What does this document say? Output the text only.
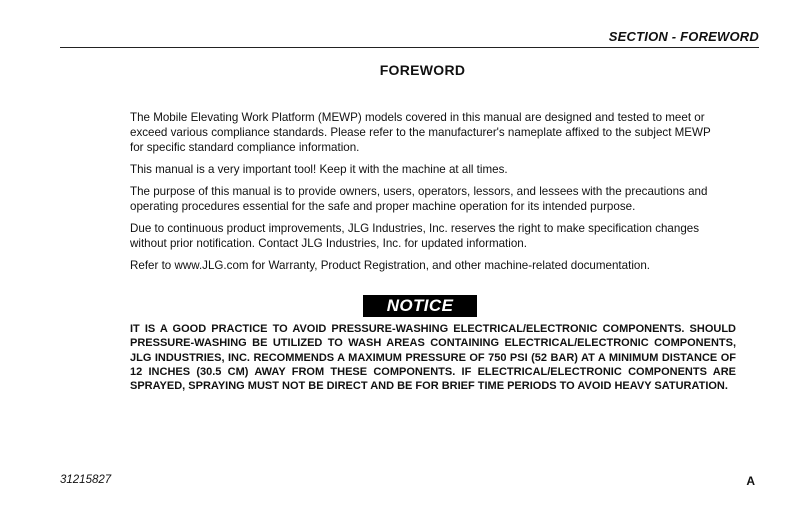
SECTION - FOREWORD
FOREWORD

The Mobile Elevating Work Platform (MEWP) models covered in this manual are designed and tested to meet or exceed various compliance standards. Please refer to the manufacturer's nameplate affixed to the subject MEWP for specific standard compliance information.

This manual is a very important tool! Keep it with the machine at all times.

The purpose of this manual is to provide owners, users, operators, lessors, and lessees with the precautions and operating procedures essential for the safe and proper machine operation for its intended purpose.

Due to continuous product improvements, JLG Industries, Inc. reserves the right to make specification changes without prior notification. Contact JLG Industries, Inc. for updated information.

Refer to www.JLG.com for Warranty, Product Registration, and other machine-related documentation.

NOTICE
IT IS A GOOD PRACTICE TO AVOID PRESSURE-WASHING ELECTRICAL/ELECTRONIC COMPONENTS. SHOULD PRESSURE-WASHING BE UTILIZED TO WASH AREAS CONTAINING ELECTRICAL/ELECTRONIC COMPONENTS, JLG INDUSTRIES, INC. RECOMMENDS A MAXIMUM PRESSURE OF 750 PSI (52 BAR) AT A MINIMUM DISTANCE OF 12 INCHES (30.5 CM) AWAY FROM THESE COMPONENTS. IF ELECTRICAL/ELECTRONIC COMPONENTS ARE SPRAYED, SPRAYING MUST NOT BE DIRECT AND BE FOR BRIEF TIME PERIODS TO AVOID HEAVY SATURATION.
31215827	A
